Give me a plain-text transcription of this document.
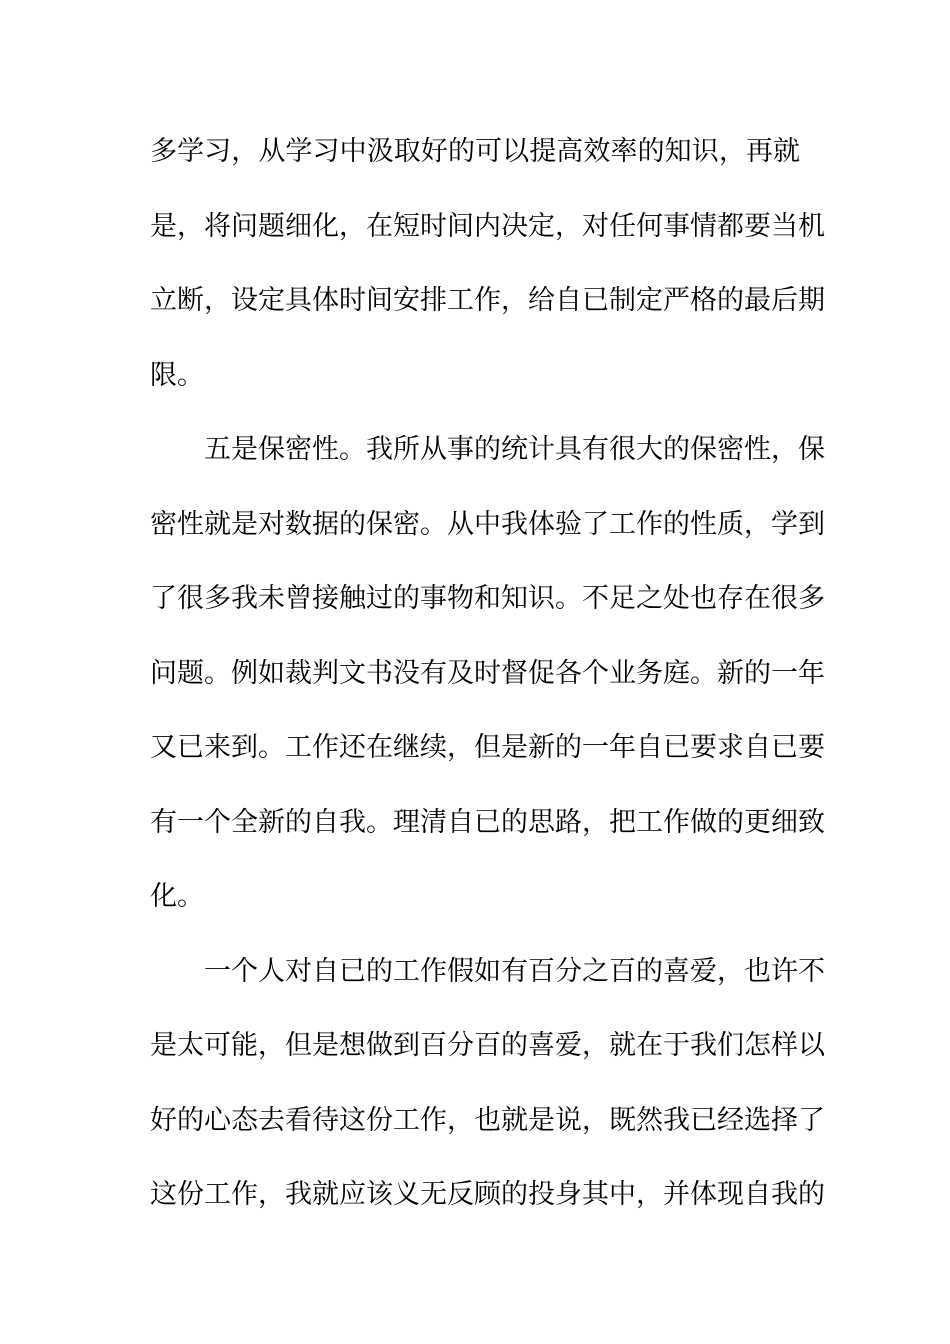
多学习，从学习中汲取好的可以提高效率的知识，再就
是，将问题细化，在短时间内决定，对任何事情都要当机
立断，设定具体时间安排工作，给自已制定严格的最后期
限。
五是保密性。我所从事的统计具有很大的保密性，保
密性就是对数据的保密。从中我体验了工作的性质，学到
了很多我未曾接触过的事物和知识。不足之处也存在很多
问题。例如裁判文书没有及时督促各个业务庭。新的一年
又已来到。工作还在继续，但是新的一年自已要求自已要
有一个全新的自我。理清自已的思路，把工作做的更细致
化。
一个人对自已的工作假如有百分之百的喜爱，也许不
是太可能，但是想做到百分百的喜爱，就在于我们怎样以
好的心态去看待这份工作，也就是说，既然我已经选择了
这份工作，我就应该义无反顾的投身其中，并体现自我的
